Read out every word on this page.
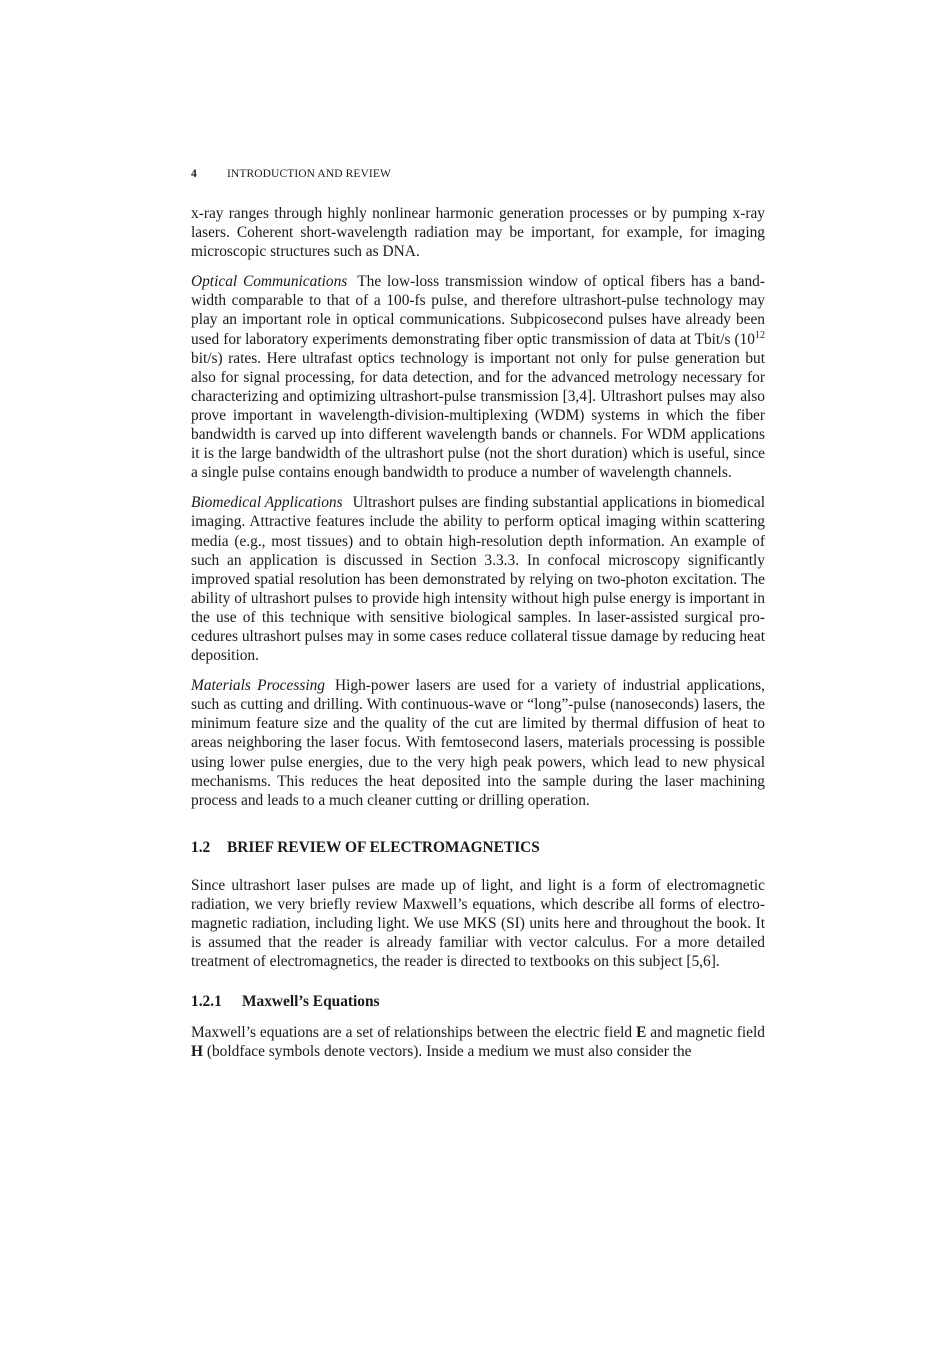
4	INTRODUCTION AND REVIEW

x-ray ranges through highly nonlinear harmonic generation processes or by pumping x-ray lasers. Coherent short-wavelength radiation may be important, for example, for imaging microscopic structures such as DNA.

Optical Communications The low-loss transmission window of optical fibers has a bandwidth comparable to that of a 100-fs pulse, and therefore ultrashort-pulse technology may play an important role in optical communications. Subpicosecond pulses have already been used for laboratory experiments demonstrating fiber optic transmission of data at Tbit/s ($10^{12}$ bit/s) rates. Here ultrafast optics technology is important not only for pulse generation but also for signal processing, for data detection, and for the advanced metrology necessary for characterizing and optimizing ultrashort-pulse transmission [3,4]. Ultrashort pulses may also prove important in wavelength-division-multiplexing (WDM) systems in which the fiber bandwidth is carved up into different wavelength bands or channels. For WDM applications it is the large bandwidth of the ultrashort pulse (not the short duration) which is useful, since a single pulse contains enough bandwidth to produce a number of wavelength channels.

Biomedical Applications Ultrashort pulses are finding substantial applications in biomedical imaging. Attractive features include the ability to perform optical imaging within scattering media (e.g., most tissues) and to obtain high-resolution depth information. An example of such an application is discussed in Section 3.3.3. In confocal microscopy significantly improved spatial resolution has been demonstrated by relying on two-photon excitation. The ability of ultrashort pulses to provide high intensity without high pulse energy is important in the use of this technique with sensitive biological samples. In laser-assisted surgical procedures ultrashort pulses may in some cases reduce collateral tissue damage by reducing heat deposition.

Materials Processing High-power lasers are used for a variety of industrial applications, such as cutting and drilling. With continuous-wave or “long”-pulse (nanoseconds) lasers, the minimum feature size and the quality of the cut are limited by thermal diffusion of heat to areas neighboring the laser focus. With femtosecond lasers, materials processing is possible using lower pulse energies, due to the very high peak powers, which lead to new physical mechanisms. This reduces the heat deposited into the sample during the laser machining process and leads to a much cleaner cutting or drilling operation.

1.2 BRIEF REVIEW OF ELECTROMAGNETICS

Since ultrashort laser pulses are made up of light, and light is a form of electromagnetic radiation, we very briefly review Maxwell’s equations, which describe all forms of electromagnetic radiation, including light. We use MKS (SI) units here and throughout the book. It is assumed that the reader is already familiar with vector calculus. For a more detailed treatment of electromagnetics, the reader is directed to textbooks on this subject [5,6].

1.2.1 Maxwell’s Equations

Maxwell’s equations are a set of relationships between the electric field E and magnetic field H (boldface symbols denote vectors). Inside a medium we must also consider the
